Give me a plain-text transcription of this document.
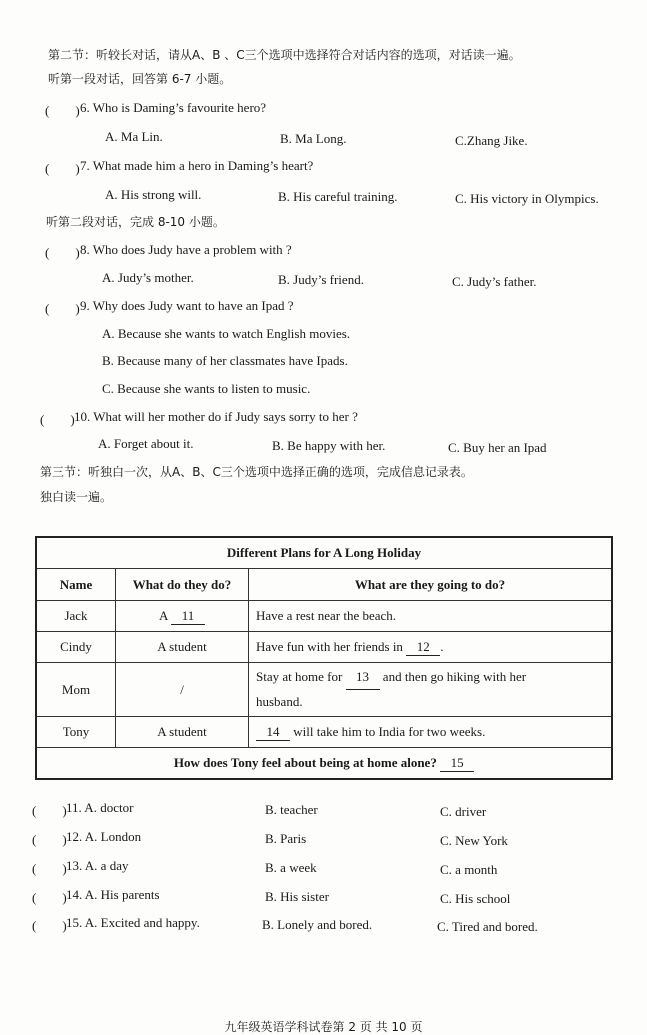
第二节：听较长对话，请从A、B 、C三个选项中选择符合对话内容的选项，对话读一遍。
听第一段对话，回答第 6-7 小题。
(　　) 6. Who is Daming’s favourite hero?
A. Ma Lin.	B. Ma Long.	C.Zhang Jike.
(　　) 7. What made him a hero in Daming’s heart?
A. His strong will.	B. His careful training.	C. His victory in Olympics.
听第二段对话，完成 8-10 小题。
(　　) 8. Who does Judy have a problem with ?
A. Judy’s mother.	B. Judy’s friend.	C. Judy’s father.
(　　) 9. Why does Judy want to have an Ipad ?
A. Because she wants to watch English movies.
B. Because many of her classmates have Ipads.
C. Because she wants to listen to music.
(　　) 10. What will her mother do if Judy says sorry to her ?
A. Forget about it.	B. Be happy with her.	C. Buy her an Ipad
第三节：听独白一次，从A、B、C三个选项中选择正确的选项，完成信息记录表。
独白读一遍。
Different Plans for A Long Holiday		
Name	What do they do?	What are they going to do?
Jack	A 11	Have a rest near the beach.
Cindy	A student	Have fun with her friends in 12 .
Mom	/	Stay at home for 13 and then go hiking with her
husband.
Tony	A student	14 will take him to India for two weeks.
How does Tony feel about being at home alone? 15		
(　　) 11. A. doctor	B. teacher	C. driver
(　　) 12. A. London	B. Paris	C. New York
(　　) 13. A. a day	B. a week	C. a month
(　　) 14. A. His parents	B. His sister	C. His school
(　　) 15. A. Excited and happy.	B. Lonely and bored.	C. Tired and bored.
九年级英语学科试卷第 2 页 共 10 页
